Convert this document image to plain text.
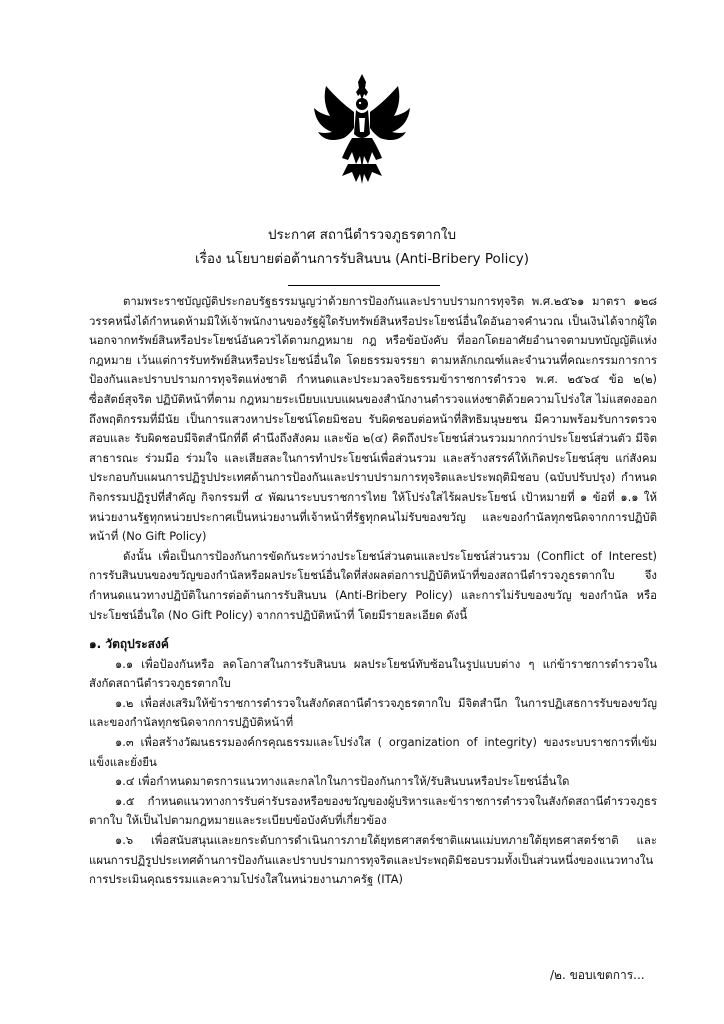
ประกาศ สถานีตำรวจภูธรตากใบ
เรื่อง นโยบายต่อต้านการรับสินบน (Anti-Bribery Policy)

ตามพระราชบัญญัติประกอบรัฐธรรมนูญว่าด้วยการป้องกันและปราบปรามการทุจริต พ.ศ.๒๕๖๑ มาตรา ๑๒๘ วรรคหนึ่งได้กำหนดห้ามมิให้เจ้าพนักงานของรัฐผู้ใดรับทรัพย์สินหรือประโยชน์อื่นใดอันอาจคำนวณ เป็นเงินได้จากผู้ใด นอกจากทรัพย์สินหรือประโยชน์อันควรได้ตามกฎหมาย กฎ หรือข้อบังคับ ที่ออกโดยอาศัยอำนาจตามบทบัญญัติแห่งกฎหมาย เว้นแต่การรับทรัพย์สินหรือประโยชน์อื่นใด โดยธรรมจรรยา ตามหลักเกณฑ์และจำนวนที่คณะกรรมการการป้องกันและปราบปรามการทุจริตแห่งชาติ กำหนดและประมวลจริยธรรมข้าราชการตำรวจ พ.ศ. ๒๕๖๔ ข้อ ๒(๒) ซื่อสัตย์สุจริต ปฏิบัติหน้าที่ตาม กฎหมายระเบียบแบบแผนของสำนักงานตำรวจแห่งชาติด้วยความโปร่งใส ไม่แสดงออกถึงพฤติกรรมที่มีนัย เป็นการแสวงหาประโยชน์โดยมิชอบ รับผิดชอบต่อหน้าที่สิทธิมนุษยชน มีความพร้อมรับการตรวจสอบและ รับผิดชอบมีจิตสำนึกที่ดี คำนึงถึงสังคม และข้อ ๒(๔) คิดถึงประโยชน์ส่วนรวมมากกว่าประโยชน์ส่วนตัว มีจิตสาธารณะ ร่วมมือ ร่วมใจ และเสียสละในการทำประโยชน์เพื่อส่วนรวม และสร้างสรรค์ให้เกิดประโยชน์สุข แก่สังคม ประกอบกับแผนการปฏิรูปประเทศด้านการป้องกันและปราบปรามการทุจริตและประพฤติมิชอบ (ฉบับปรับปรุง) กำหนดกิจกรรมปฏิรูปที่สำคัญ กิจกรรมที่ ๔ พัฒนาระบบราชการไทย ให้โปร่งใสไร้ผลประโยชน์ เป้าหมายที่ ๑ ข้อที่ ๑.๑ ให้หน่วยงานรัฐทุกหน่วยประกาศเป็นหน่วยงานที่เจ้าหน้าที่รัฐทุกคนไม่รับของขวัญ และของกำนัลทุกชนิดจากการปฏิบัติหน้าที่ (No Gift Policy)

ดังนั้น เพื่อเป็นการป้องกันการขัดกันระหว่างประโยชน์ส่วนตนและประโยชน์ส่วนรวม (Conflict of Interest) การรับสินบนของขวัญของกำนัลหรือผลประโยชน์อื่นใดที่ส่งผลต่อการปฏิบัติหน้าที่ของสถานีตำรวจภูธรตากใบ จึงกำหนดแนวทางปฏิบัติในการต่อต้านการรับสินบน (Anti-Bribery Policy) และการไม่รับของขวัญ ของกำนัล หรือประโยชน์อื่นใด (No Gift Policy) จากการปฏิบัติหน้าที่ โดยมีรายละเอียด ดังนี้

๑. วัตถุประสงค์

๑.๑ เพื่อป้องกันหรือ ลดโอกาสในการรับสินบน ผลประโยชน์ทับซ้อนในรูปแบบต่าง ๆ แก่ข้าราชการตำรวจในสังกัดสถานีตำรวจภูธรตากใบ

๑.๒ เพื่อส่งเสริมให้ข้าราชการตำรวจในสังกัดสถานีตำรวจภูธรตากใบ มีจิตสำนึก ในการปฏิเสธการรับของขวัญและของกำนัลทุกชนิดจากการปฏิบัติหน้าที่

๑.๓ เพื่อสร้างวัฒนธรรมองค์กรคุณธรรมและโปร่งใส ( organization of integrity) ของระบบราชการที่เข้มแข็งและยั่งยืน

๑.๔ เพื่อกำหนดมาตรการแนวทางและกลไกในการป้องกันการให้/รับสินบนหรือประโยชน์อื่นใด

๑.๕ กำหนดแนวทางการรับค่ารับรองหรือของขวัญของผู้บริหารและข้าราชการตำรวจในสังกัดสถานีตำรวจภูธรตากใบ ให้เป็นไปตามกฎหมายและระเบียบข้อบังคับที่เกี่ยวข้อง

๑.๖ เพื่อสนับสนุนและยกระดับการดำเนินการภายใต้ยุทธศาสตร์ชาติแผนแม่บทภายใต้ยุทธศาสตร์ชาติ และแผนการปฏิรูปประเทศด้านการป้องกันและปราบปรามการทุจริตและประพฤติมิชอบรวมทั้งเป็นส่วนหนึ่งของแนวทางในการประเมินคุณธรรมและความโปร่งใสในหน่วยงานภาครัฐ (ITA)

/๒. ขอบเขตการ...
